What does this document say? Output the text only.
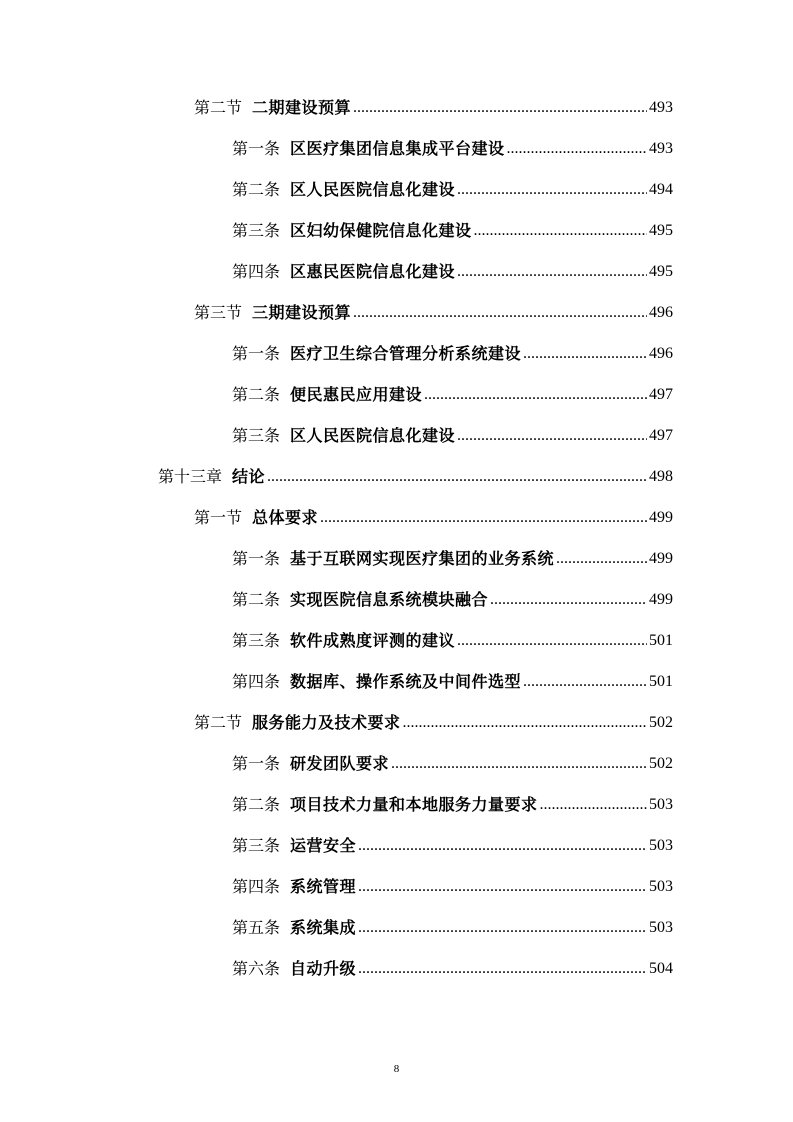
第二节 二期建设预算 .....	493
第一条 区医疗集团信息集成平台建设 .....	493
第二条 区人民医院信息化建设 .....	494
第三条 区妇幼保健院信息化建设 .....	495
第四条 区惠民医院信息化建设 .....	495
第三节 三期建设预算 .....	496
第一条 医疗卫生综合管理分析系统建设 .....	496
第二条 便民惠民应用建设 .....	497
第三条 区人民医院信息化建设 .....	497
第十三章 结论 .....	498
第一节 总体要求 .....	499
第一条 基于互联网实现医疗集团的业务系统 .....	499
第二条 实现医院信息系统模块融合 .....	499
第三条 软件成熟度评测的建议 .....	501
第四条 数据库、操作系统及中间件选型 .....	501
第二节 服务能力及技术要求 .....	502
第一条 研发团队要求 .....	502
第二条 项目技术力量和本地服务力量要求 .....	503
第三条 运营安全 .....	503
第四条 系统管理 .....	503
第五条 系统集成 .....	503
第六条 自动升级 .....	504
8
